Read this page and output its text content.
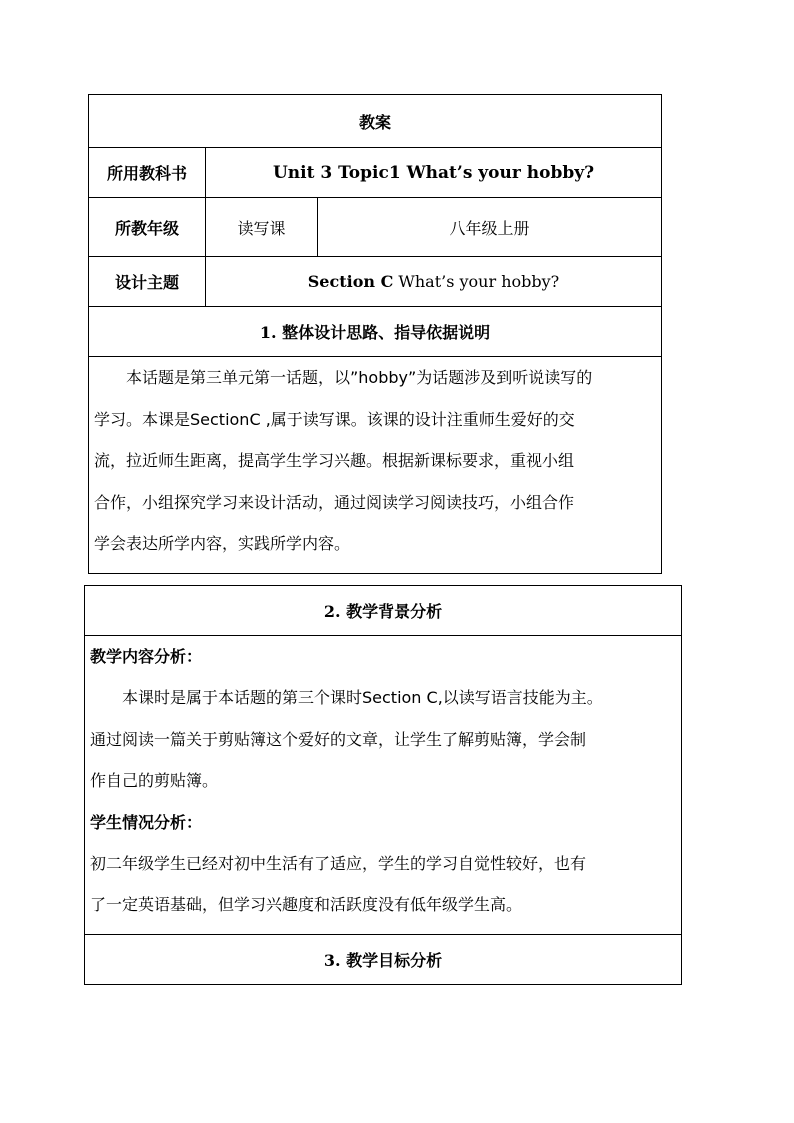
教案		
所用教科书	Unit 3 Topic1 What’s your hobby?	
所教年级	读写课	八年级上册
设计主题	Section C What’s your hobby?	
1. 整体设计思路、指导依据说明		

本话题是第三单元第一话题，以”hobby”为话题涉及到听说读写的

学习。本课是SectionC ,属于读写课。该课的设计注重师生爱好的交

流，拉近师生距离，提高学生学习兴趣。根据新课标要求，重视小组

合作，小组探究学习来设计活动，通过阅读学习阅读技巧，小组合作

学会表达所学内容，实践所学内容。		

2. 教学背景分析

教学内容分析：

本课时是属于本话题的第三个课时Section C,以读写语言技能为主。

通过阅读一篇关于剪贴簿这个爱好的文章，让学生了解剪贴簿，学会制

作自己的剪贴簿。

学生情况分析：

初二年级学生已经对初中生活有了适应，学生的学习自觉性较好，也有

了一定英语基础，但学习兴趣度和活跃度没有低年级学生高。

3. 教学目标分析
